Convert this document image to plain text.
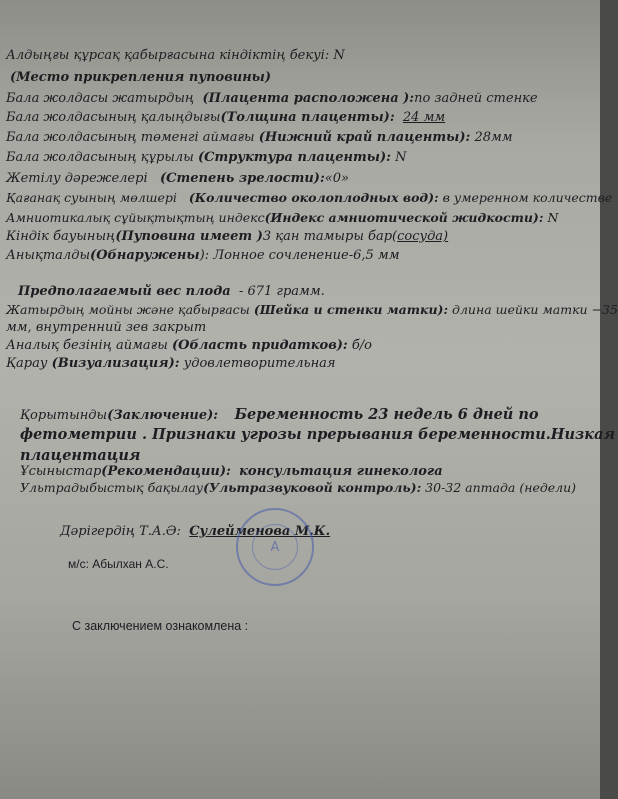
Алдыңғы құрсақ қабырғасына кіндіктің бекуі: N
(Место прикрепления пуповины)
Бала жолдасы жатырдың (Плацента расположена ):по задней стенке
Бала жолдасының қалыңдығы(Толщина плаценты): 24 мм
Бала жолдасының төменгі аймағы (Нижний край плаценты): 28мм
Бала жолдасының құрылы (Структура плаценты): N
Жетілу дәрежелері (Степень зрелости):«0»
Қағанақ суының мөлшері (Количество околоплодных вод): в умеренном количестве
Амниотикалық сұйықтықтың индекс(Индекс амниотической жидкости): N
Кіндік бауының(Пуповина имеет )3 қан тамыры бар(сосуда)
Анықталды(Обнаружены): Лонное сочленение-6,5 мм
Предполагаемый вес плода - 671 грамм.
Жатырдың мойны және қабырғасы (Шейка и стенки матки): длина шейки матки −35
мм, внутренний зев закрыт
Аналық безінің аймағы (Область придатков): б/о
Қарау (Визуализация): удовлетворительная
Қорытынды(Заключение): Беременность 23 недель 6 дней по
фетометрии . Признаки угрозы прерывания беременности.Низкая
плацентация
Ұсыныстар(Рекомендации): консультация гинеколога
Ультрадыбыстық бақылау(Ультразвуковой контроль): 30-32 аптада (недели)
Дәрігердің Т.А.Ә: Сулейменова М.К.
м/с: Абылхан А.С.
С заключением ознакомлена :
А
